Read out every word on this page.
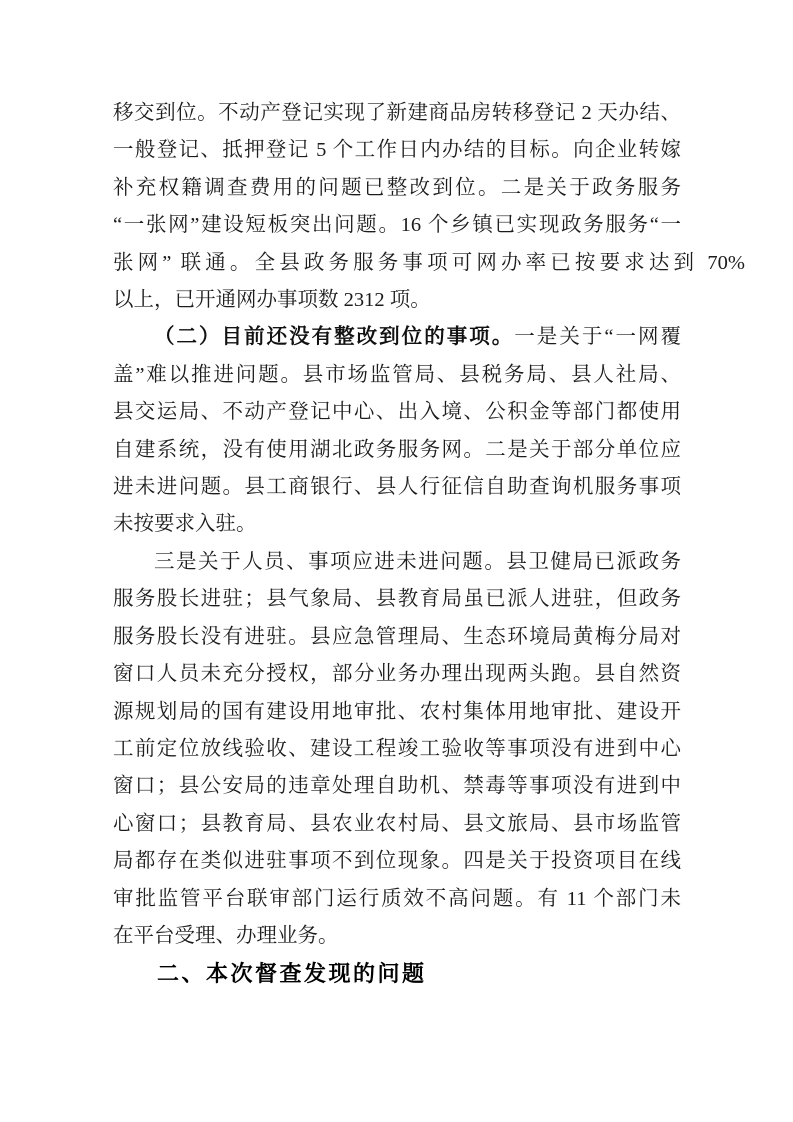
移交到位。不动产登记实现了新建商品房转移登记 2 天办结、
一般登记、抵押登记 5 个工作日内办结的目标。向企业转嫁
补充权籍调查费用的问题已整改到位。二是关于政务服务
“一张网”建设短板突出问题。16 个乡镇已实现政务服务“一
张网” 联通。全县政务服务事项可网办率已按要求达到 70%
以上，已开通网办事项数 2312 项。
（二）目前还没有整改到位的事项。一是关于“一网覆
盖”难以推进问题。县市场监管局、县税务局、县人社局、
县交运局、不动产登记中心、出入境、公积金等部门都使用
自建系统，没有使用湖北政务服务网。二是关于部分单位应
进未进问题。县工商银行、县人行征信自助查询机服务事项
未按要求入驻。
三是关于人员、事项应进未进问题。县卫健局已派政务
服务股长进驻；县气象局、县教育局虽已派人进驻，但政务
服务股长没有进驻。县应急管理局、生态环境局黄梅分局对
窗口人员未充分授权，部分业务办理出现两头跑。县自然资
源规划局的国有建设用地审批、农村集体用地审批、建设开
工前定位放线验收、建设工程竣工验收等事项没有进到中心
窗口；县公安局的违章处理自助机、禁毒等事项没有进到中
心窗口；县教育局、县农业农村局、县文旅局、县市场监管
局都存在类似进驻事项不到位现象。四是关于投资项目在线
审批监管平台联审部门运行质效不高问题。有 11 个部门未
在平台受理、办理业务。
二、本次督查发现的问题
